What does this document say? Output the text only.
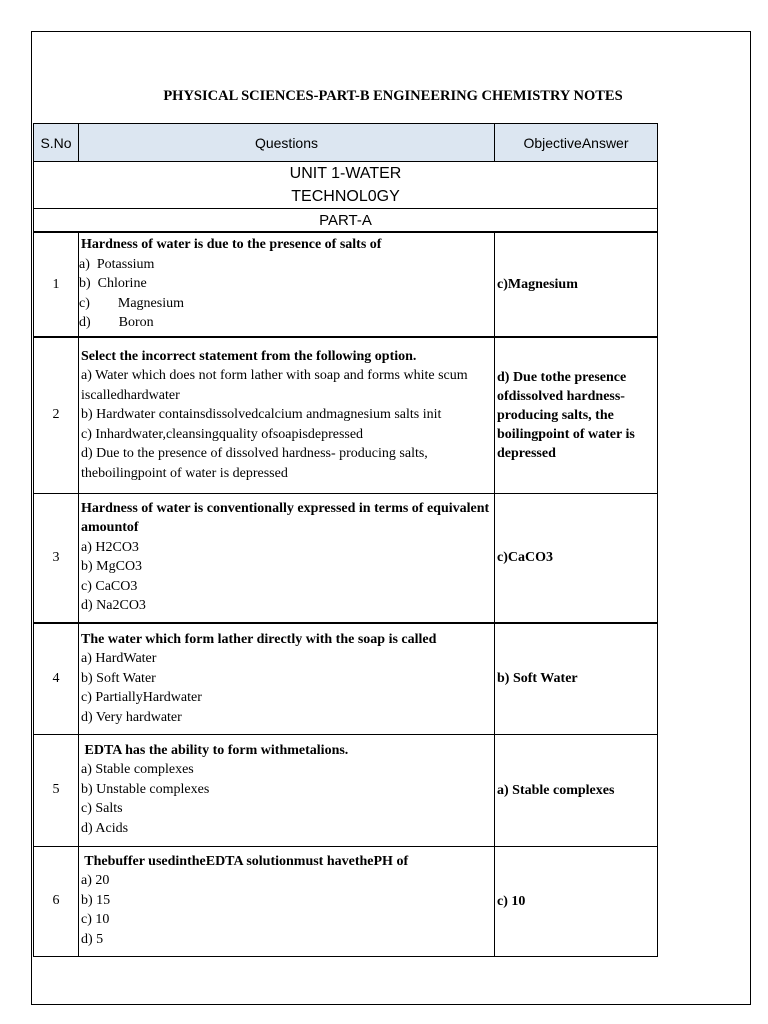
PHYSICAL SCIENCES-PART-B ENGINEERING CHEMISTRY NOTES
S.No	Questions	ObjectiveAnswer

UNIT 1-WATER
TECHNOL0GY		

PART-A		
1	Hardness of water is due to the presence of salts of
a)  Potassium
b)  Chlorine
c)        Magnesium
d)        Boron	c)Magnesium
2	Select the incorrect statement from the following option.
a) Water which does not form lather with soap and forms white scum iscalledhardwater
b) Hardwater containsdissolvedcalcium andmagnesium salts init
c) Inhardwater,cleansingquality ofsoapisdepressed
d) Due to the presence of dissolved hardness- producing salts, theboilingpoint of water is depressed	d) Due tothe presence ofdissolved hardness-producing salts, the boilingpoint of water is depressed
3	Hardness of water is conventionally expressed in terms of equivalent amountof
a) H2CO3
b) MgCO3
c) CaCO3
d) Na2CO3	c)CaCO3
4	The water which form lather directly with the soap is called
a) HardWater
b) Soft Water
c) PartiallyHardwater
d) Very hardwater	b) Soft Water
5	EDTA has the ability to form withmetalions.
a) Stable complexes
b) Unstable complexes
c) Salts
d) Acids	a) Stable complexes
6	Thebuffer usedintheEDTA solutionmust havethePH of
a) 20
b) 15
c) 10
d) 5	c) 10
